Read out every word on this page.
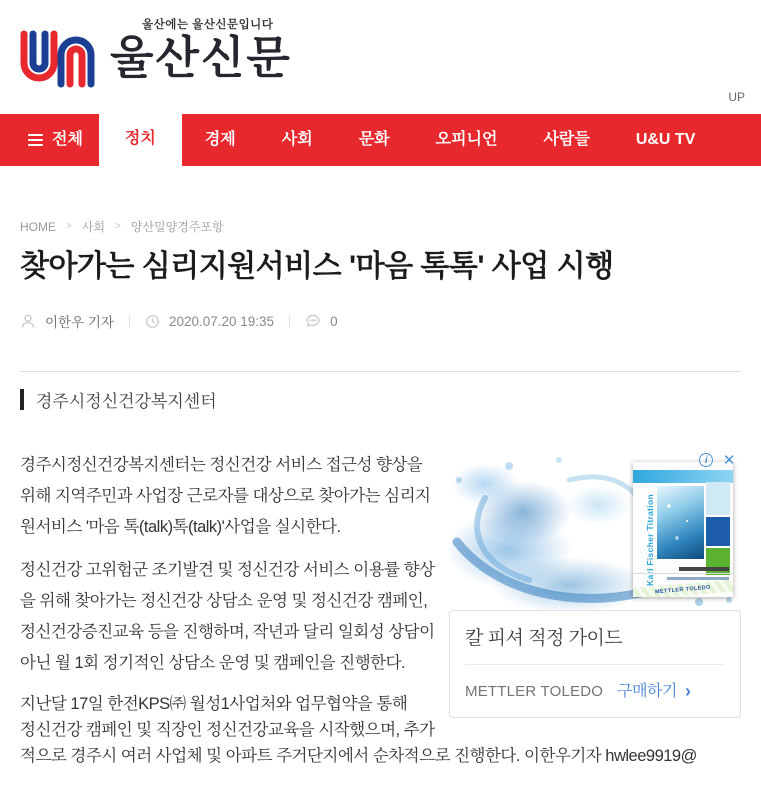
울산에는 울산신문입니다
울산신문
UP
전체	정치	경제	사회	문화	오피니언	사람들	U&U TV
HOME > 사회 > 양산밀양경주포항
찾아가는 심리지원서비스 '마음 톡톡' 사업 시행
이한우 기자	2020.07.20 19:35	0
경주시정신건강복지센터
Karl Fischer Titration
METTLER TOLEDO
i	✕
칼 피셔 적정 가이드
METTLER TOLEDO 구매하기 ›

경주시정신건강복지센터는 정신건강 서비스 접근성 향상을 위해 지역주민과 사업장 근로자를 대상으로 찾아가는 심리지원서비스 '마음 톡(talk)톡(talk)'사업을 실시한다.

정신건강 고위험군 조기발견 및 정신건강 서비스 이용률 향상을 위해 찾아가는 정신건강 상담소 운영 및 정신건강 캠페인, 정신건강증진교육 등을 진행하며, 작년과 달리 일회성 상담이 아닌 월 1회 정기적인 상담소 운영 및 캠페인을 진행한다.

지난달 17일 한전KPS㈜ 월성1사업처와 업무협약을 통해

정신건강 캠페인 및 직장인 정신건강교육을 시작했으며, 추가적으로 경주시 여러 사업체 및 아파트 주거단지에서 순차적으로 진행한다. 이한우기자 hwlee9919@
